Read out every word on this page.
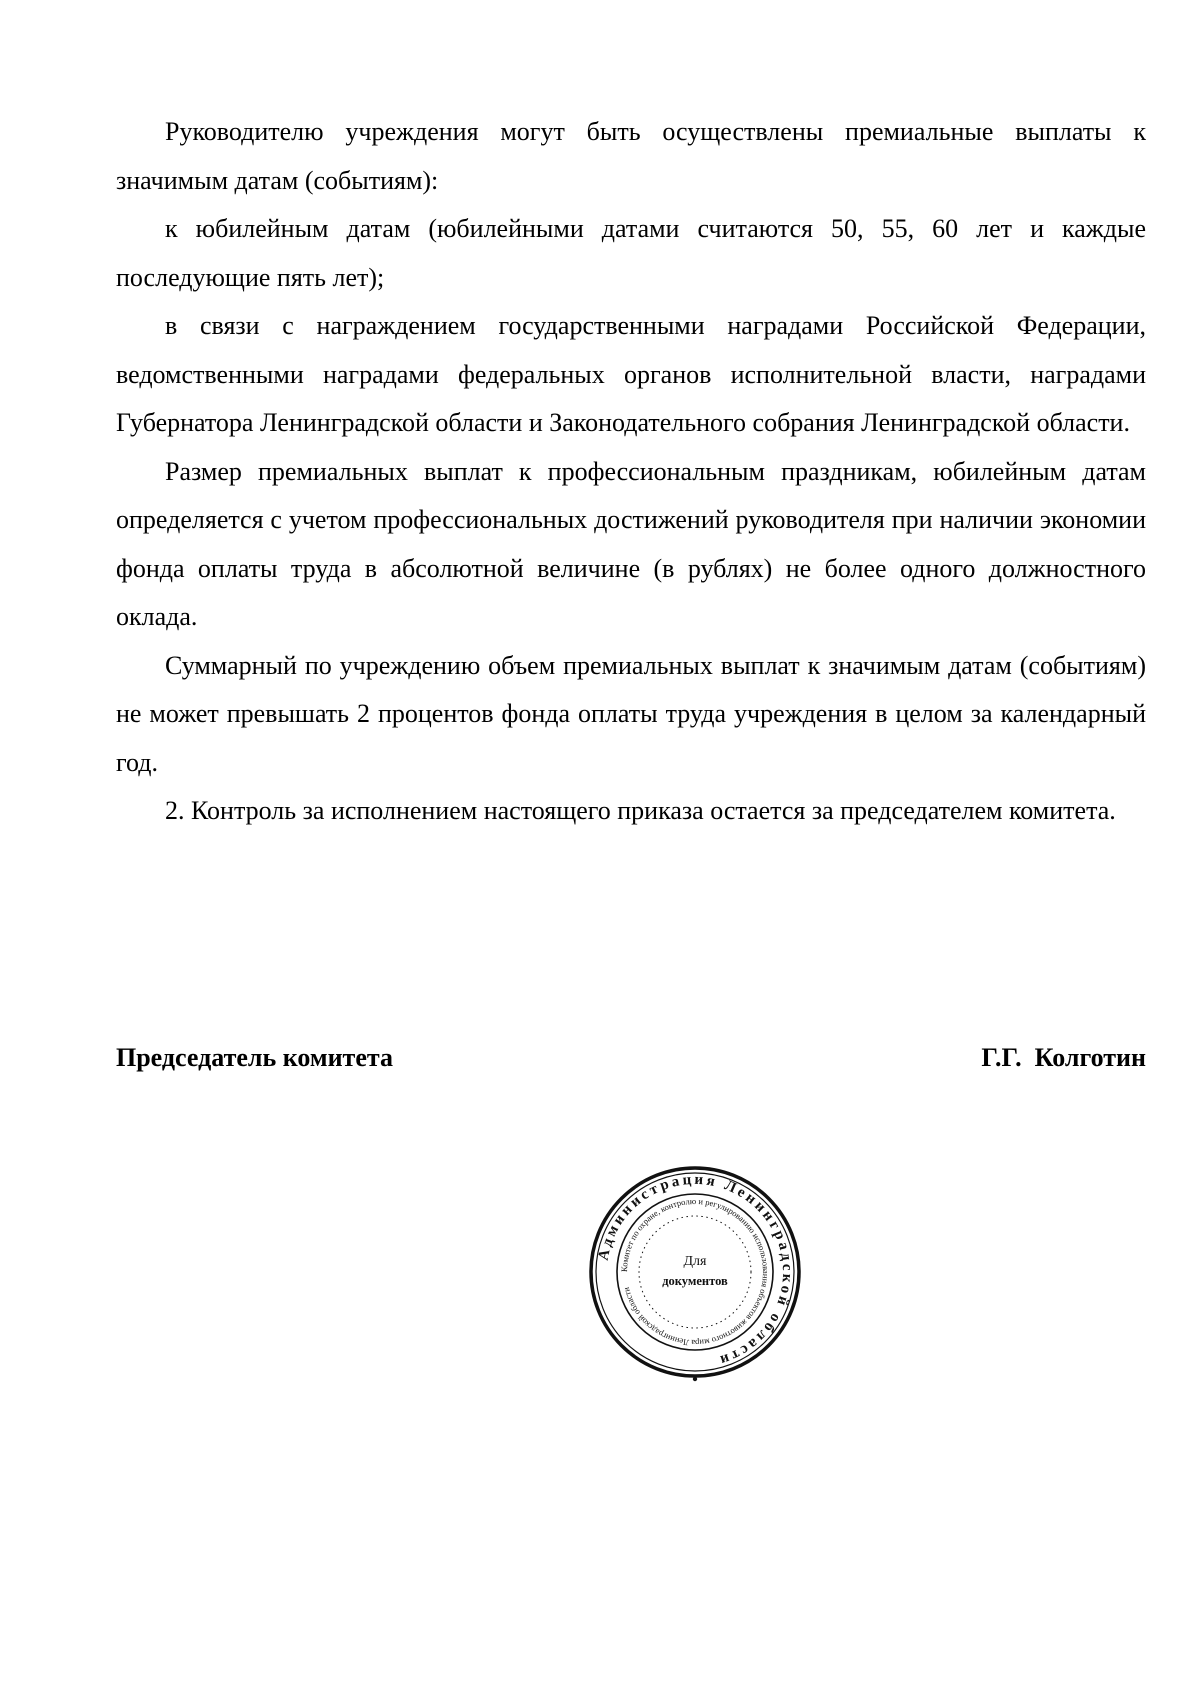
Руководителю учреждения могут быть осуществлены премиальные выплаты к значимым датам (событиям):

к юбилейным датам (юбилейными датами считаются 50, 55, 60 лет и каждые последующие пять лет);

в связи с награждением государственными наградами Российской Федерации, ведомственными наградами федеральных органов исполнительной власти, наградами Губернатора Ленинградской области и Законодательного собрания Ленинградской области.

Размер премиальных выплат к профессиональным праздникам, юбилейным датам определяется с учетом профессиональных достижений руководителя при наличии экономии фонда оплаты труда в абсолютной величине (в рублях) не более одного должностного оклада.

Суммарный по учреждению объем премиальных выплат к значимым датам (событиям) не может превышать 2 процентов фонда оплаты труда учреждения в целом за календарный год.

2. Контроль за исполнением настоящего приказа остается за председателем комитета.

Председатель комитета	Г.Г.  Колготин
Администрация Ленинградской области
Комитет по охране, контролю и регулированию использования объектов животного мира Ленинградской области
Для
документов
